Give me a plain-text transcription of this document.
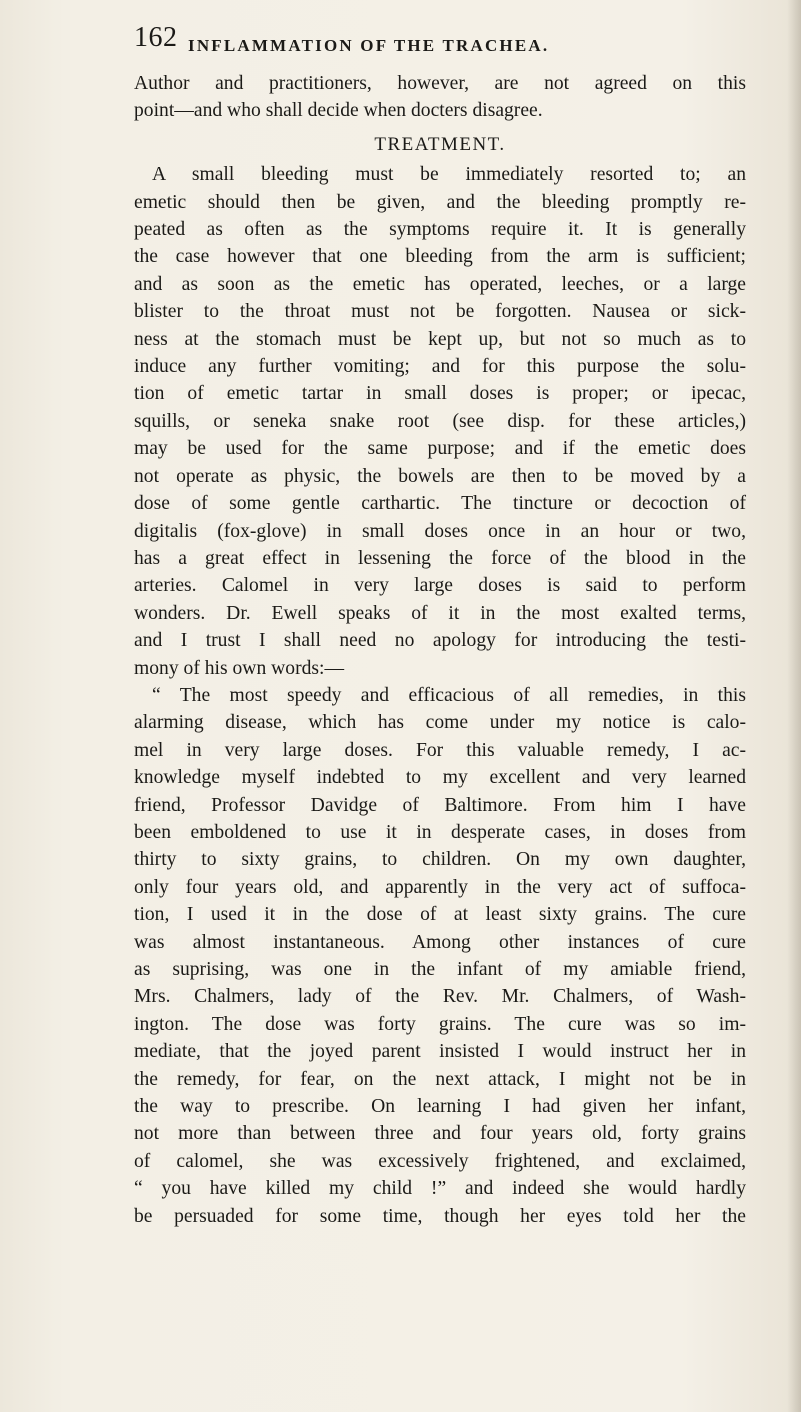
162 INFLAMMATION OF THE TRACHEA.

Author and practitioners, however, are not agreed on this

point—and who shall decide when docters disagree.

TREATMENT.

A small bleeding must be immediately resorted to; an

emetic should then be given, and the bleeding promptly re-

peated as often as the symptoms require it. It is generally

the case however that one bleeding from the arm is sufficient;

and as soon as the emetic has operated, leeches, or a large

blister to the throat must not be forgotten. Nausea or sick-

ness at the stomach must be kept up, but not so much as to

induce any further vomiting; and for this purpose the solu-

tion of emetic tartar in small doses is proper; or ipecac,

squills, or seneka snake root (see disp. for these articles,)

may be used for the same purpose; and if the emetic does

not operate as physic, the bowels are then to be moved by a

dose of some gentle carthartic. The tincture or decoction of

digitalis (fox-glove) in small doses once in an hour or two,

has a great effect in lessening the force of the blood in the

arteries. Calomel in very large doses is said to perform

wonders. Dr. Ewell speaks of it in the most exalted terms,

and I trust I shall need no apology for introducing the testi-

mony of his own words:—

“ The most speedy and efficacious of all remedies, in this

alarming disease, which has come under my notice is calo-

mel in very large doses. For this valuable remedy, I ac-

knowledge myself indebted to my excellent and very learned

friend, Professor Davidge of Baltimore. From him I have

been emboldened to use it in desperate cases, in doses from

thirty to sixty grains, to children. On my own daughter,

only four years old, and apparently in the very act of suffoca-

tion, I used it in the dose of at least sixty grains. The cure

was almost instantaneous. Among other instances of cure

as suprising, was one in the infant of my amiable friend,

Mrs. Chalmers, lady of the Rev. Mr. Chalmers, of Wash-

ington. The dose was forty grains. The cure was so im-

mediate, that the joyed parent insisted I would instruct her in

the remedy, for fear, on the next attack, I might not be in

the way to prescribe. On learning I had given her infant,

not more than between three and four years old, forty grains

of calomel, she was excessively frightened, and exclaimed,

“ you have killed my child !” and indeed she would hardly

be persuaded for some time, though her eyes told her the
